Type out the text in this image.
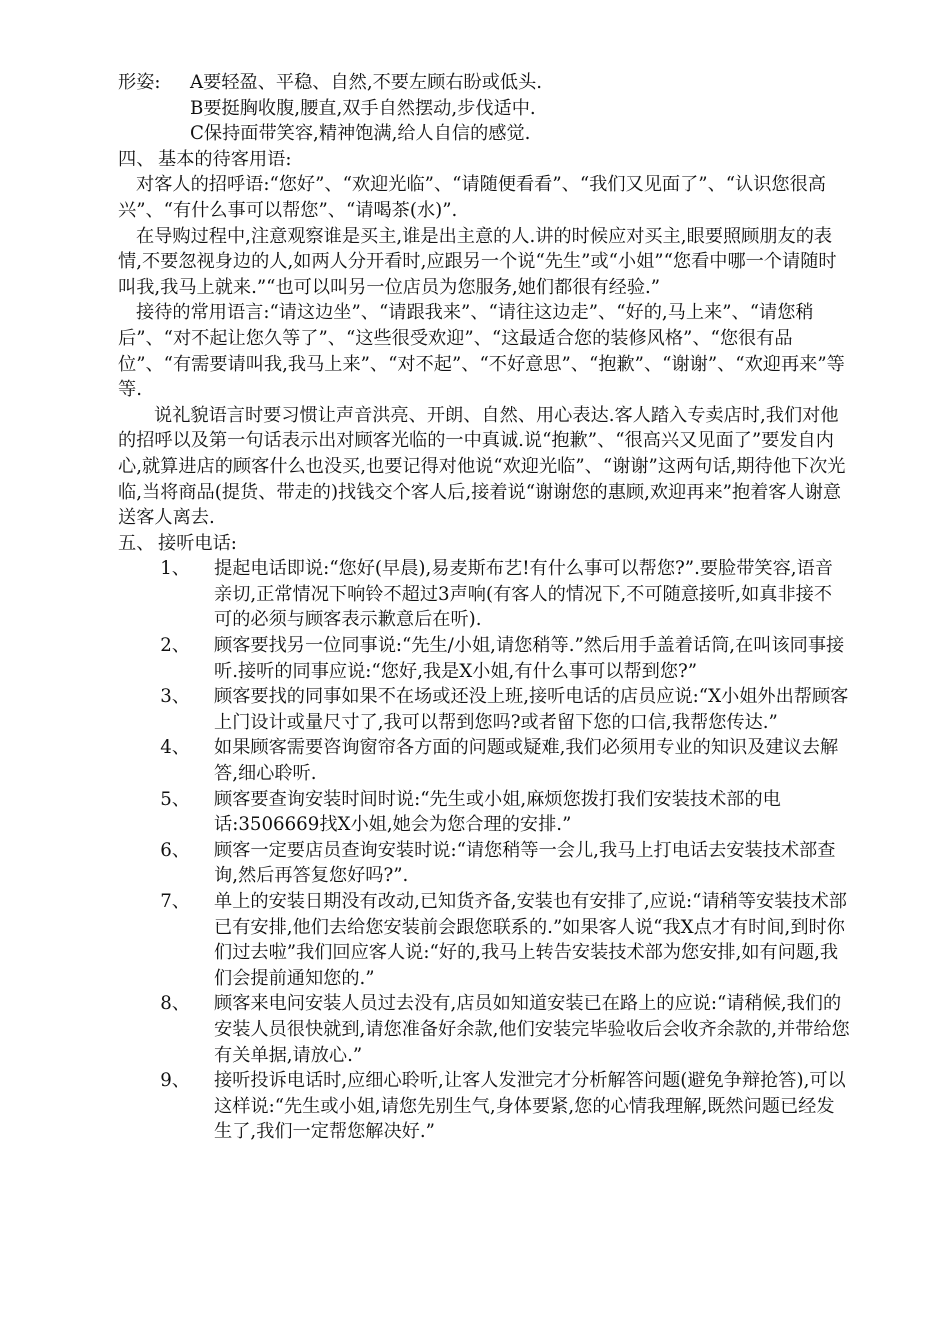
形姿:	A要轻盈、平稳、自然,不要左顾右盼或低头.
B要挺胸收腹,腰直,双手自然摆动,步伐适中.
C保持面带笑容,精神饱满,给人自信的感觉.
四、 基本的待客用语:

对客人的招呼语:“您好”、“欢迎光临”、“请随便看看”、“我们又见面了”、“认识您很高兴”、“有什么事可以帮您”、“请喝茶(水)”.

在导购过程中,注意观察谁是买主,谁是出主意的人.讲的时候应对买主,眼要照顾朋友的表情,不要忽视身边的人,如两人分开看时,应跟另一个说“先生”或“小姐”“您看中哪一个请随时叫我,我马上就来.”“也可以叫另一位店员为您服务,她们都很有经验.”

接待的常用语言:“请这边坐”、“请跟我来”、“请往这边走”、“好的,马上来”、“请您稍后”、“对不起让您久等了”、“这些很受欢迎”、“这最适合您的装修风格”、“您很有品位”、“有需要请叫我,我马上来”、“对不起”、“不好意思”、“抱歉”、“谢谢”、“欢迎再来”等等.

说礼貌语言时要习惯让声音洪亮、开朗、自然、用心表达.客人踏入专卖店时,我们对他的招呼以及第一句话表示出对顾客光临的一中真诚.说“抱歉”、“很高兴又见面了”要发自内心,就算进店的顾客什么也没买,也要记得对他说“欢迎光临”、“谢谢”这两句话,期待他下次光临,当将商品(提货、带走的)找钱交个客人后,接着说“谢谢您的惠顾,欢迎再来”抱着客人谢意送客人离去.

五、 接听电话:
1、 提起电话即说:“您好(早晨),易麦斯布艺!有什么事可以帮您?”.要脸带笑容,语音亲切,正常情况下响铃不超过3声响(有客人的情况下,不可随意接听,如真非接不可的必须与顾客表示歉意后在听).
2、 顾客要找另一位同事说:“先生/小姐,请您稍等.”然后用手盖着话筒,在叫该同事接听.接听的同事应说:“您好,我是X小姐,有什么事可以帮到您?”
3、 顾客要找的同事如果不在场或还没上班,接听电话的店员应说:“X小姐外出帮顾客上门设计或量尺寸了,我可以帮到您吗?或者留下您的口信,我帮您传达.”
4、 如果顾客需要咨询窗帘各方面的问题或疑难,我们必须用专业的知识及建议去解答,细心聆听.
5、 顾客要查询安装时间时说:“先生或小姐,麻烦您拨打我们安装技术部的电话:3506669找X小姐,她会为您合理的安排.”
6、 顾客一定要店员查询安装时说:“请您稍等一会儿,我马上打电话去安装技术部查询,然后再答复您好吗?”.
7、 单上的安装日期没有改动,已知货齐备,安装也有安排了,应说:“请稍等安装技术部已有安排,他们去给您安装前会跟您联系的.”如果客人说“我X点才有时间,到时你们过去啦”我们回应客人说:“好的,我马上转告安装技术部为您安排,如有问题,我们会提前通知您的.”
8、 顾客来电问安装人员过去没有,店员如知道安装已在路上的应说:“请稍候,我们的安装人员很快就到,请您准备好余款,他们安装完毕验收后会收齐余款的,并带给您有关单据,请放心.”
9、 接听投诉电话时,应细心聆听,让客人发泄完才分析解答问题(避免争辩抢答),可以这样说:“先生或小姐,请您先别生气,身体要紧,您的心情我理解,既然问题已经发生了,我们一定帮您解决好.”
